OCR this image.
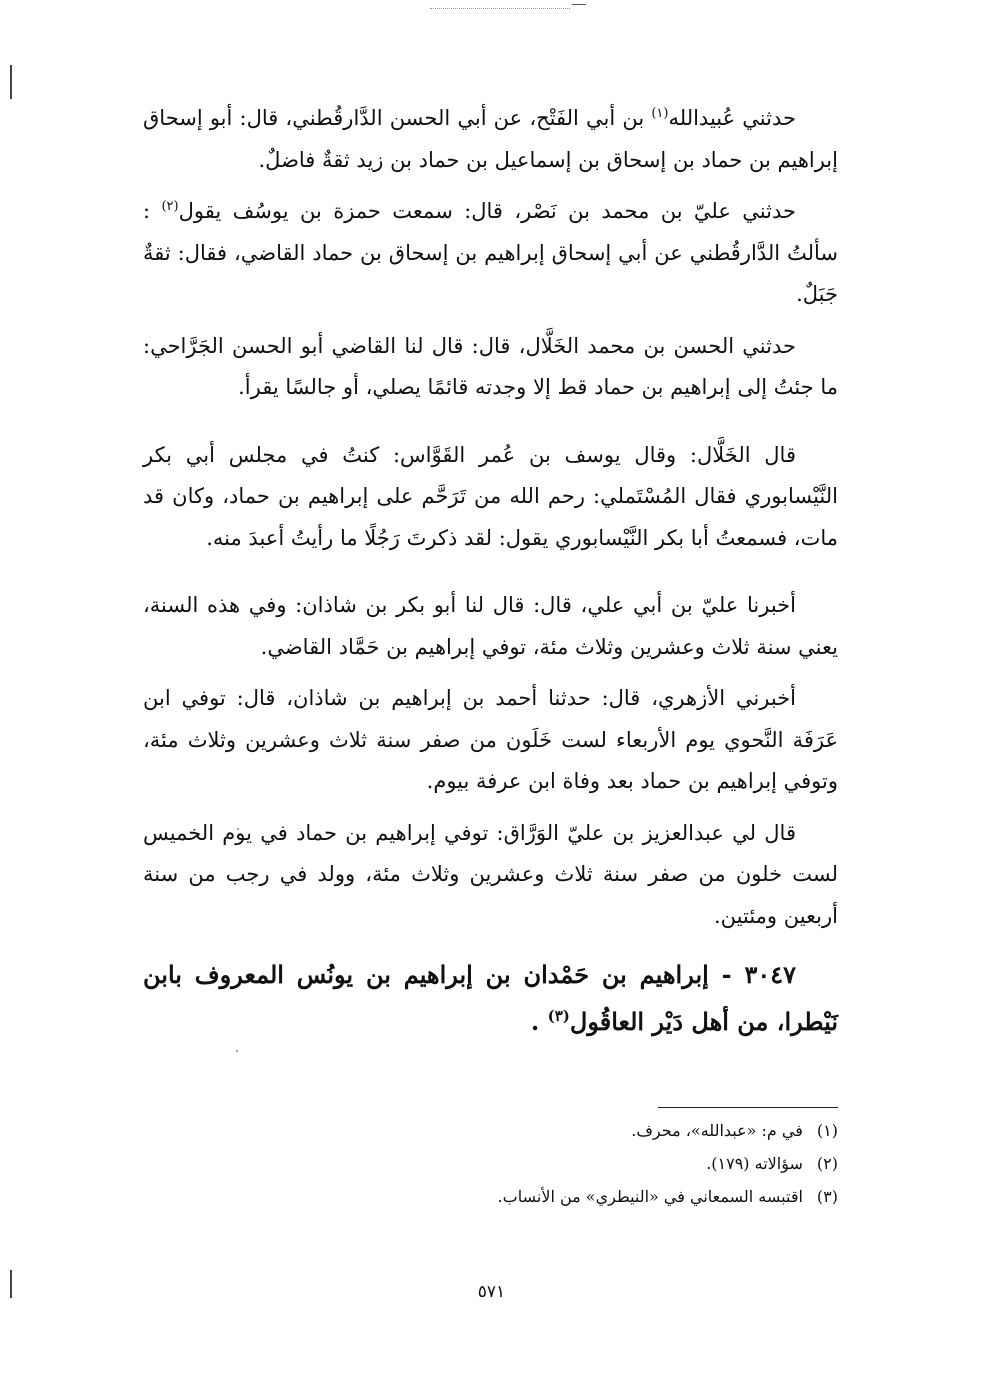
حدثني عُبيدالله$^{(١)}$ بن أبي الفَتْح، عن أبي الحسن الدَّارقُطني، قال: أبو إسحاق إبراهيم بن حماد بن إسحاق بن إسماعيل بن حماد بن زيد ثقةٌ فاضلٌ.

حدثني عليّ بن محمد بن نَصْر، قال: سمعت حمزة بن يوسُف يقول$^{(٢)}$ : سألتُ الدَّارقُطني عن أبي إسحاق إبراهيم بن إسحاق بن حماد القاضي، فقال: ثقةٌ جَبَلٌ.

حدثني الحسن بن محمد الخَلَّال، قال: قال لنا القاضي أبو الحسن الجَرَّاحي: ما جئتُ إلى إبراهيم بن حماد قط إلا وجدته قائمًا يصلي، أو جالسًا يقرأ.

قال الخَلَّال: وقال يوسف بن عُمر القَوَّاس: كنتُ في مجلس أبي بكر النَّيْسابوري فقال المُسْتَملي: رحم الله من تَرَحَّم على إبراهيم بن حماد، وكان قد مات، فسمعتُ أبا بكر النَّيْسابوري يقول: لقد ذكرتَ رَجُلًا ما رأيتُ أعبدَ منه.

أخبرنا عليّ بن أبي علي، قال: قال لنا أبو بكر بن شاذان: وفي هذه السنة، يعني سنة ثلاث وعشرين وثلاث مئة، توفي إبراهيم بن حَمَّاد القاضي.

أخبرني الأزهري، قال: حدثنا أحمد بن إبراهيم بن شاذان، قال: توفي ابن عَرَفَة النَّحوي يوم الأربعاء لست خَلَون من صفر سنة ثلاث وعشرين وثلاث مئة، وتوفي إبراهيم بن حماد بعد وفاة ابن عرفة بيوم.

قال لي عبدالعزيز بن عليّ الوَرَّاق: توفي إبراهيم بن حماد في يوم الخميس لست خلون من صفر سنة ثلاث وعشرين وثلاث مئة، وولد في رجب من سنة أربعين ومئتين.

٣٠٤٧ - إبراهيم بن حَمْدان بن إبراهيم بن يونُس المعروف بابن نَيْطرا، من أهل دَيْر العاقُول$^{(٣)}$ .

(١)في م: «عبدالله»، محرف.

(٢)سؤالاته (١٧٩).

(٣)اقتبسه السمعاني في «النيطري» من الأنساب.

٥٧١
